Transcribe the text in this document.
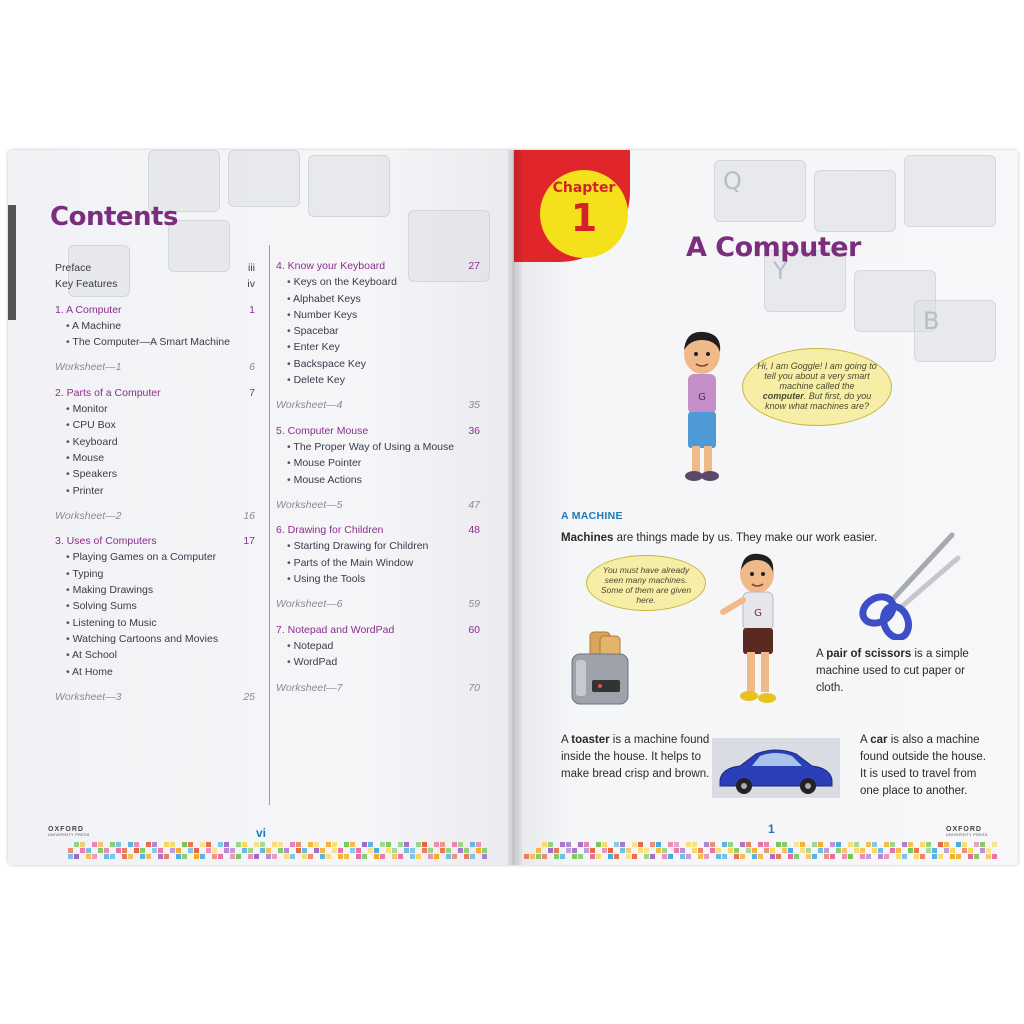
Contents
Preface	iii
Key Features	iv
1. A Computer	1
• A Machine
• The Computer—A Smart Machine
Worksheet—1	6
2. Parts of a Computer	7
• Monitor
• CPU Box
• Keyboard
• Mouse
• Speakers
• Printer
Worksheet—2	16
3. Uses of Computers	17
• Playing Games on a Computer
• Typing
• Making Drawings
• Solving Sums
• Listening to Music
• Watching Cartoons and Movies
• At School
• At Home
Worksheet—3	25
4. Know your Keyboard	27
• Keys on the Keyboard
• Alphabet Keys
• Number Keys
• Spacebar
• Enter Key
• Backspace Key
• Delete Key
Worksheet—4	35
5. Computer Mouse	36
• The Proper Way of Using a Mouse
• Mouse Pointer
• Mouse Actions
Worksheet—5	47
6. Drawing for Children	48
• Starting Drawing for Children
• Parts of the Main Window
• Using the Tools
Worksheet—6	59
7. Notepad and WordPad	60
• Notepad
• WordPad
Worksheet—7	70
OXFORD
UNIVERSITY PRESS	vi
Q
Y
B
Chapter
1
A Computer
G
Hi, I am Goggle! I am going to tell you about a very smart machine called the computer. But first, do you know what machines are?
A MACHINE
Machines are things made by us. They make our work easier.
You must have already seen many machines. Some of them are given here.
G
A pair of scissors is a simple machine used to cut paper or cloth.
A toaster is a machine found inside the house. It helps to make bread crisp and brown.
A car is also a machine found outside the house. It is used to travel from one place to another.
1	OXFORD
UNIVERSITY PRESS
